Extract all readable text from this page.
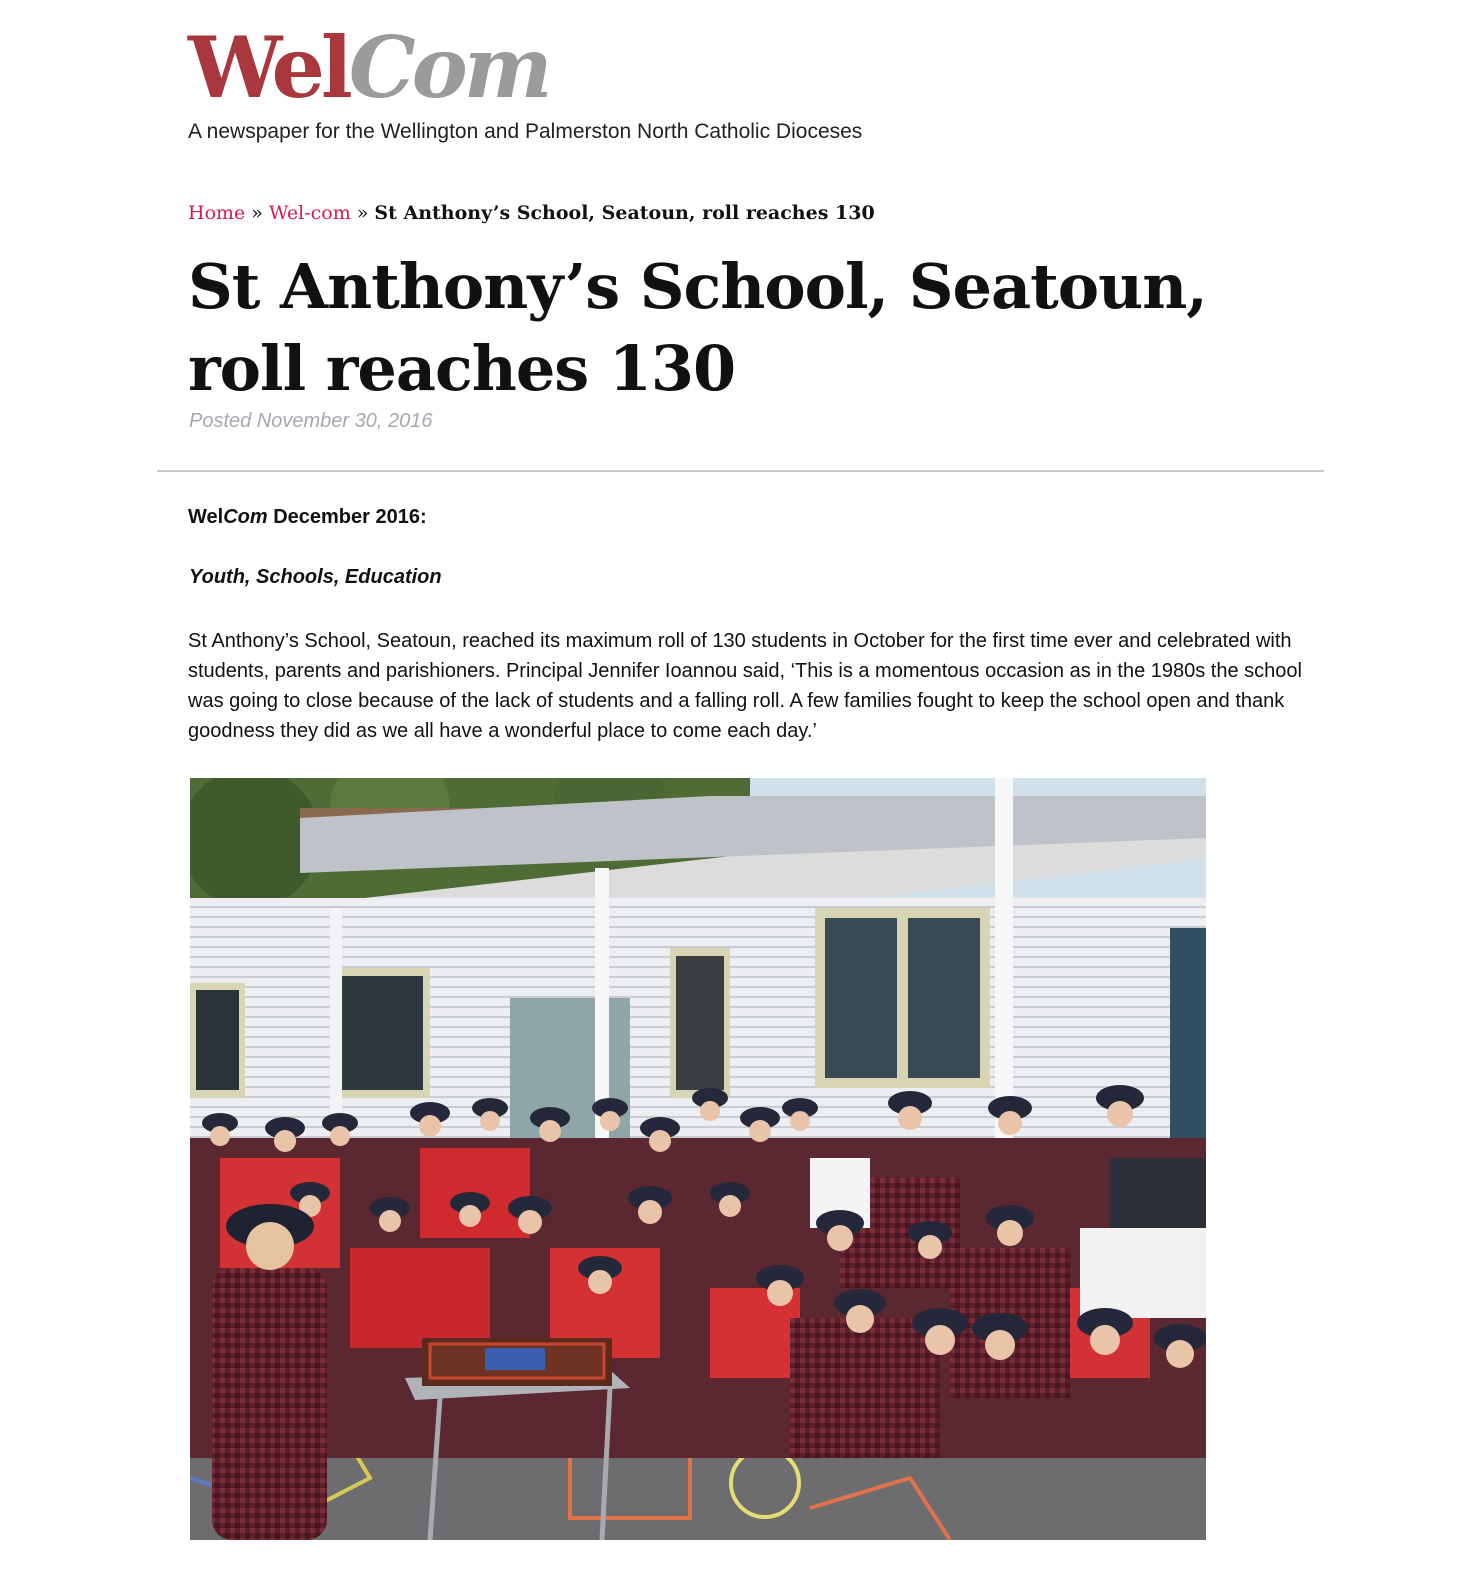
WelCom
A newspaper for the Wellington and Palmerston North Catholic Dioceses
Home » Wel-com » St Anthony’s School, Seatoun, roll reaches 130
St Anthony’s School, Seatoun, roll reaches 130
Posted November 30, 2016
WelCom December 2016:
Youth, Schools, Education

St Anthony’s School, Seatoun, reached its maximum roll of 130 students in October for the first time ever and celebrated with students, parents and parishioners. Principal Jennifer Ioannou said, ‘This is a momentous occasion as in the 1980s the school was going to close because of the lack of students and a falling roll. A few families fought to keep the school open and thank goodness they did as we all have a wonderful place to come each day.’
